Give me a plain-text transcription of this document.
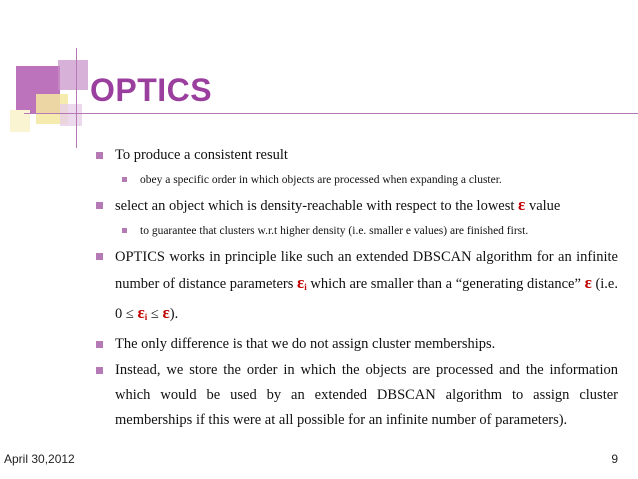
OPTICS
To produce a consistent result
obey a specific order in which objects are processed when expanding a cluster.
select an object which is density-reachable with respect to the lowest ε value
to guarantee that clusters w.r.t higher density (i.e. smaller e values) are finished first.
OPTICS works in principle like such an extended DBSCAN algorithm for an infinite number of distance parameters $\varepsilon_i$ which are smaller than a “generating distance” ε (i.e. $0 \le \varepsilon_i \le \varepsilon$).
The only difference is that we do not assign cluster memberships.
Instead, we store the order in which the objects are processed and the information which would be used by an extended DBSCAN algorithm to assign cluster memberships if this were at all possible for an infinite number of parameters).
April 30,2012	9
